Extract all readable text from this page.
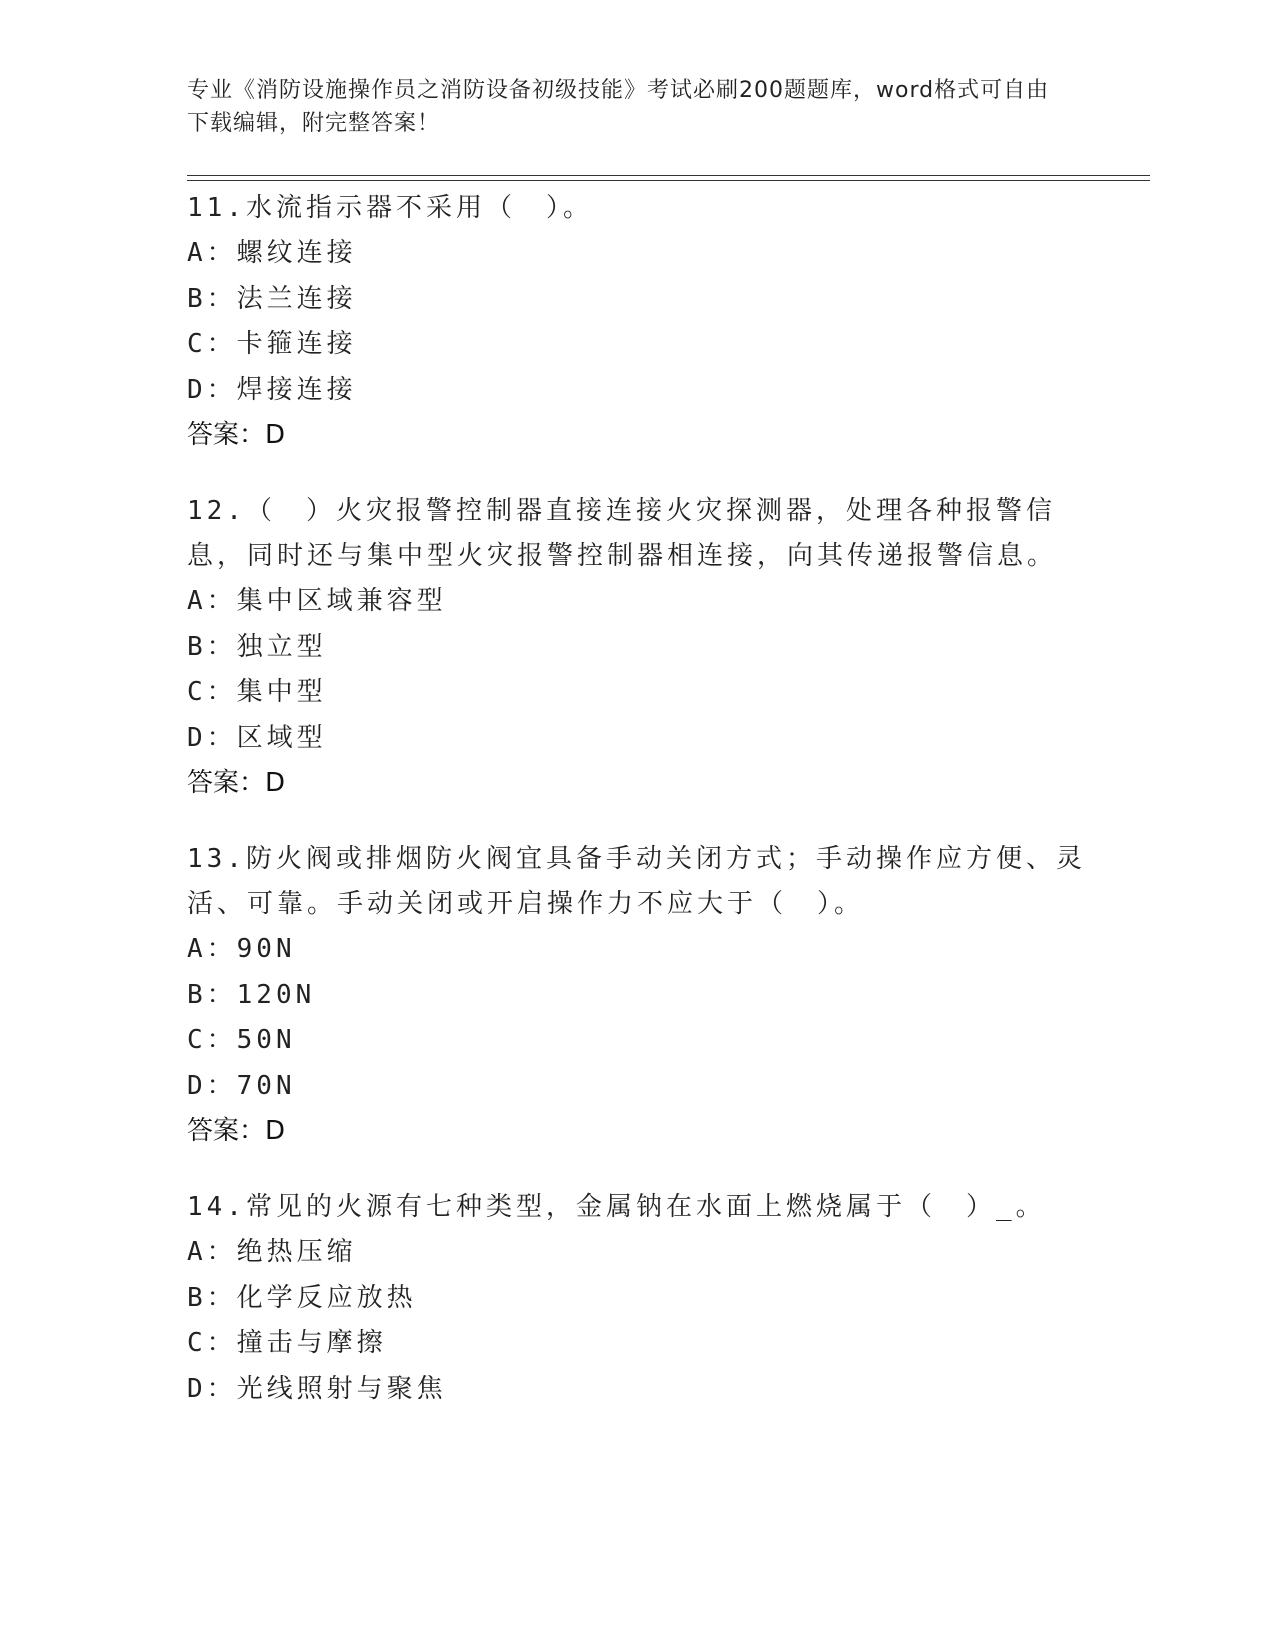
专业《消防设施操作员之消防设备初级技能》考试必刷200题题库，word格式可自由下载编辑，附完整答案！

11.水流指示器不采用（　）。

A：螺纹连接

B：法兰连接

C：卡箍连接

D：焊接连接

答案：D

12.（　）火灾报警控制器直接连接火灾探测器，处理各种报警信息，同时还与集中型火灾报警控制器相连接，向其传递报警信息。

A：集中区域兼容型

B：独立型

C：集中型

D：区域型

答案：D

13.防火阀或排烟防火阀宜具备手动关闭方式；手动操作应方便、灵活、可靠。手动关闭或开启操作力不应大于（　）。

A：90N

B：120N

C：50N

D：70N

答案：D

14.常见的火源有七种类型，金属钠在水面上燃烧属于（　）_。

A：绝热压缩

B：化学反应放热

C：撞击与摩擦

D：光线照射与聚焦
